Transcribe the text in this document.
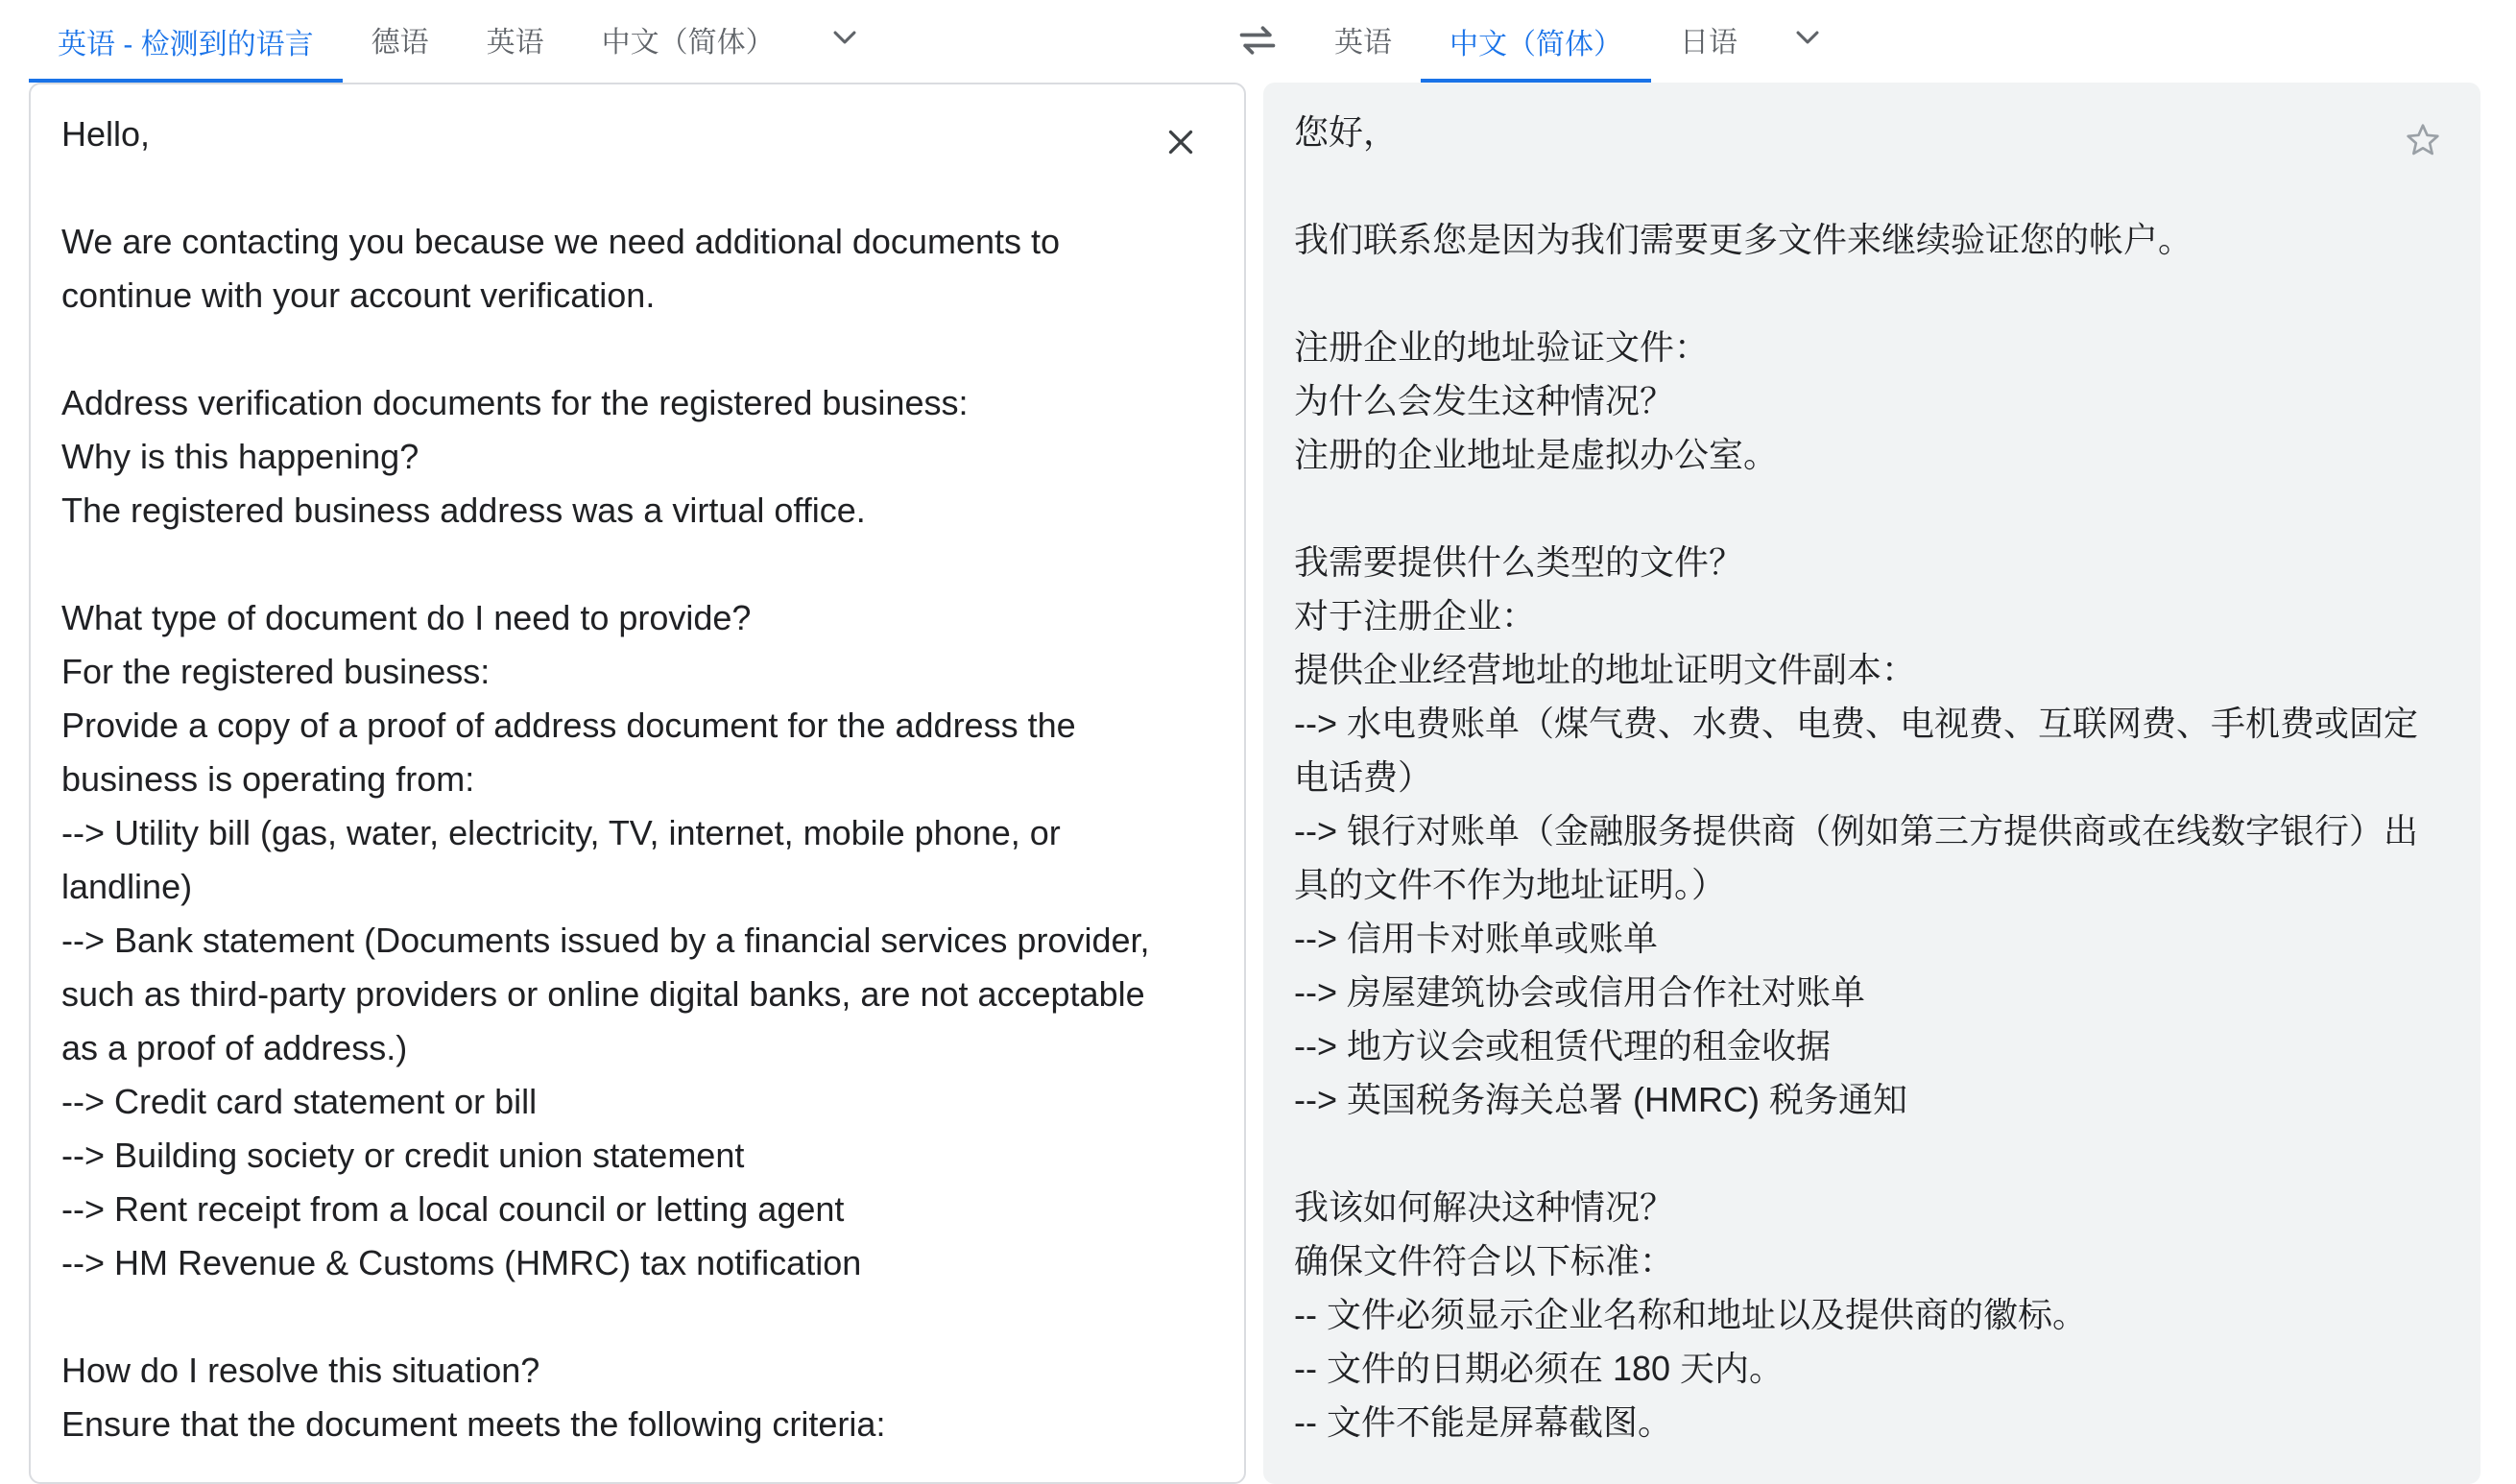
英语 - 检测到的语言	德语	英语	中文（简体）	英语	中文（简体）	日语
Hello,

We are contacting you because we need additional documents to continue with your account verification.

Address verification documents for the registered business:
Why is this happening?
The registered business address was a virtual office.

What type of document do I need to provide?
For the registered business:
Provide a copy of a proof of address document for the address the business is operating from:
--> Utility bill (gas, water, electricity, TV, internet, mobile phone, or landline)
--> Bank statement (Documents issued by a financial services provider, such as third-party providers or online digital banks, are not acceptable as a proof of address.)
--> Credit card statement or bill
--> Building society or credit union statement
--> Rent receipt from a local council or letting agent
--> HM Revenue & Customs (HMRC) tax notification

How do I resolve this situation?
Ensure that the document meets the following criteria:
您好，

我们联系您是因为我们需要更多文件来继续验证您的帐户。

注册企业的地址验证文件：
为什么会发生这种情况？
注册的企业地址是虚拟办公室。

我需要提供什么类型的文件？
对于注册企业：
提供企业经营地址的地址证明文件副本：
--> 水电费账单（煤气费、水费、电费、电视费、互联网费、手机费或固定电话费）
--> 银行对账单（金融服务提供商（例如第三方提供商或在线数字银行）出具的文件不作为地址证明。）
--> 信用卡对账单或账单
--> 房屋建筑协会或信用合作社对账单
--> 地方议会或租赁代理的租金收据
--> 英国税务海关总署 (HMRC) 税务通知

我该如何解决这种情况？
确保文件符合以下标准：
-- 文件必须显示企业名称和地址以及提供商的徽标。
-- 文件的日期必须在 180 天内。
-- 文件不能是屏幕截图。
